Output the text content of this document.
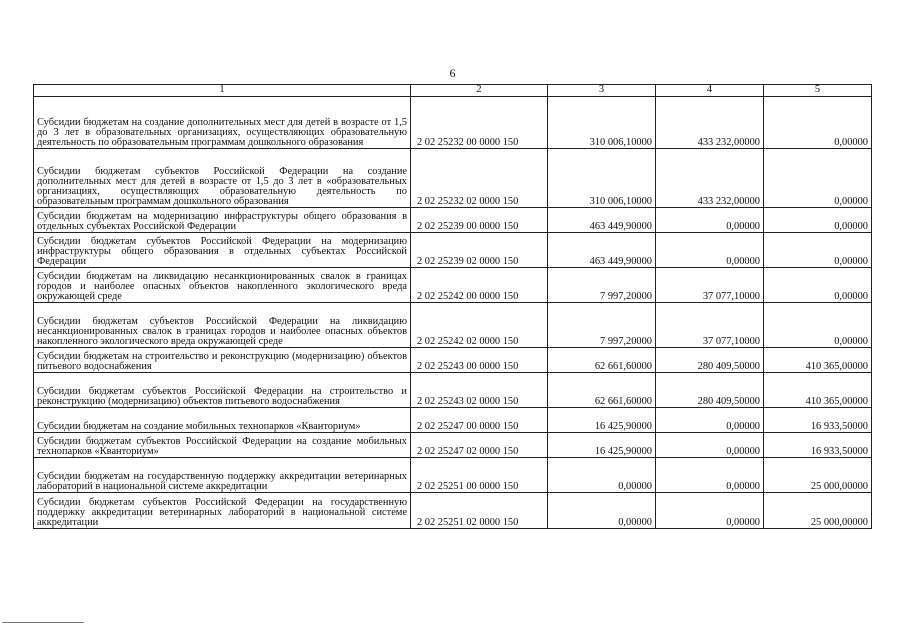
6
1	2	3	4	5
Субсидии бюджетам на создание дополнительных мест для детей в возрасте от 1,5 до 3 лет в образовательных организациях, осуществляющих образовательную деятельность по образовательным программам дошкольного образования	2 02 25232 00 0000 150	310 006,10000	433 232,00000	0,00000
Субсидии бюджетам субъектов Российской Федерации на создание дополнительных мест для детей в возрасте от 1,5 до 3 лет в «образовательных организациях, осуществляющих образовательную деятельность по образовательным программам дошкольного образования	2 02 25232 02 0000 150	310 006,10000	433 232,00000	0,00000
Субсидии бюджетам на модернизацию инфраструктуры общего образования в отдельных субъектах Российской Федерации	2 02 25239 00 0000 150	463 449,90000	0,00000	0,00000
Субсидии бюджетам субъектов Российской Федерации на модернизацию инфраструктуры общего образования в отдельных субъектах Российской Федерации	2 02 25239 02 0000 150	463 449,90000	0,00000	0,00000
Субсидии бюджетам на ликвидацию несанкционированных свалок в границах городов и наиболее опасных объектов накопленного экологического вреда окружающей среде	2 02 25242 00 0000 150	7 997,20000	37 077,10000	0,00000
Субсидии бюджетам субъектов Российской Федерации на ликвидацию несанкционированных свалок в границах городов и наиболее опасных объектов накопленного экологического вреда окружающей среде	2 02 25242 02 0000 150	7 997,20000	37 077,10000	0,00000
Субсидии бюджетам на строительство и реконструкцию (модернизацию) объектов питьевого водоснабжения	2 02 25243 00 0000 150	62 661,60000	280 409,50000	410 365,00000
Субсидии бюджетам субъектов Российской Федерации на строительство и реконструкцию (модернизацию) объектов питьевого водоснабжения	2 02 25243 02 0000 150	62 661,60000	280 409,50000	410 365,00000
Субсидии бюджетам на создание мобильных технопарков «Кванториум»	2 02 25247 00 0000 150	16 425,90000	0,00000	16 933,50000
Субсидии бюджетам субъектов Российской Федерации на создание мобильных технопарков «Кванториум»	2 02 25247 02 0000 150	16 425,90000	0,00000	16 933,50000
Субсидии бюджетам на государственную поддержку аккредитации ветеринарных лабораторий в национальной системе аккредитации	2 02 25251 00 0000 150	0,00000	0,00000	25 000,00000
Субсидии бюджетам субъектов Российской Федерации на государственную поддержку аккредитации ветеринарных лабораторий в национальной системе аккредитации	2 02 25251 02 0000 150	0,00000	0,00000	25 000,00000
